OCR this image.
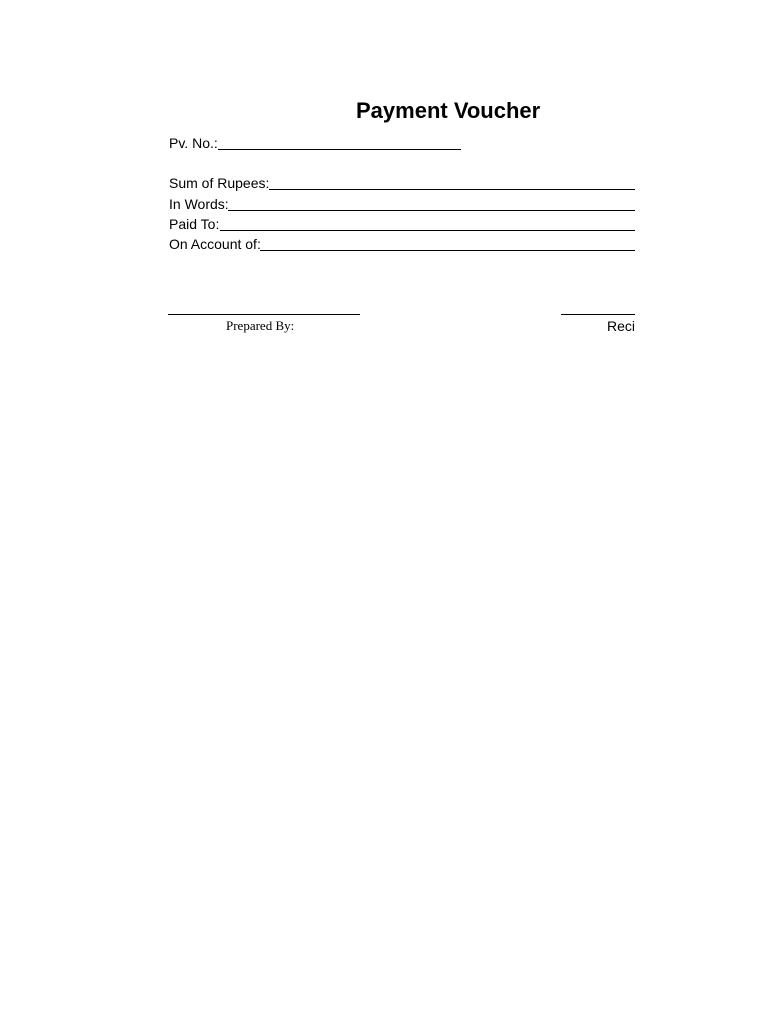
Payment Voucher
Pv. No.:
Sum of Rupees:
In Words:
Paid To:
On Account of:
Prepared By:	Reci
